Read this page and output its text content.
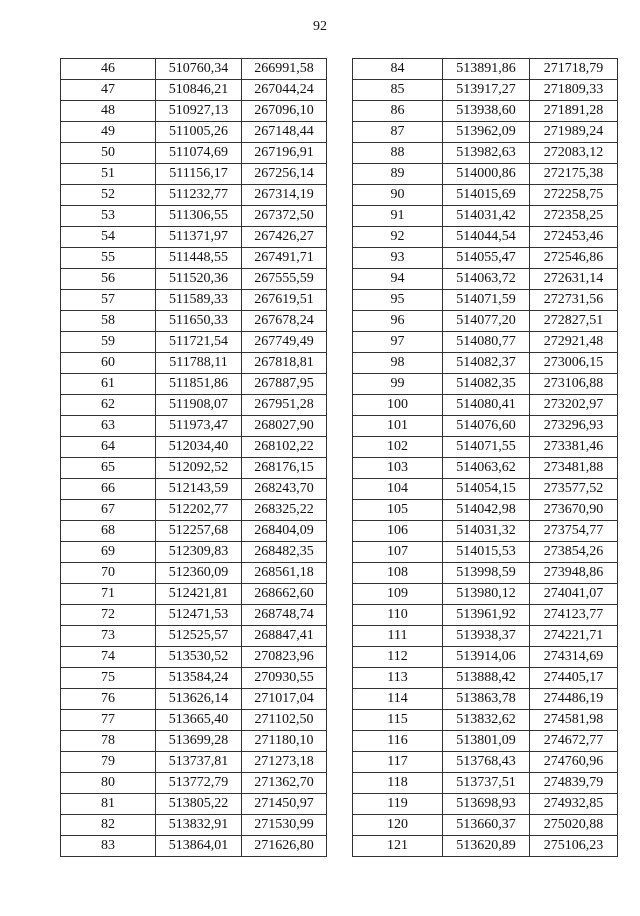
92
46	510760,34	266991,58
47	510846,21	267044,24
48	510927,13	267096,10
49	511005,26	267148,44
50	511074,69	267196,91
51	511156,17	267256,14
52	511232,77	267314,19
53	511306,55	267372,50
54	511371,97	267426,27
55	511448,55	267491,71
56	511520,36	267555,59
57	511589,33	267619,51
58	511650,33	267678,24
59	511721,54	267749,49
60	511788,11	267818,81
61	511851,86	267887,95
62	511908,07	267951,28
63	511973,47	268027,90
64	512034,40	268102,22
65	512092,52	268176,15
66	512143,59	268243,70
67	512202,77	268325,22
68	512257,68	268404,09
69	512309,83	268482,35
70	512360,09	268561,18
71	512421,81	268662,60
72	512471,53	268748,74
73	512525,57	268847,41
74	513530,52	270823,96
75	513584,24	270930,55
76	513626,14	271017,04
77	513665,40	271102,50
78	513699,28	271180,10
79	513737,81	271273,18
80	513772,79	271362,70
81	513805,22	271450,97
82	513832,91	271530,99
83	513864,01	271626,80
84	513891,86	271718,79
85	513917,27	271809,33
86	513938,60	271891,28
87	513962,09	271989,24
88	513982,63	272083,12
89	514000,86	272175,38
90	514015,69	272258,75
91	514031,42	272358,25
92	514044,54	272453,46
93	514055,47	272546,86
94	514063,72	272631,14
95	514071,59	272731,56
96	514077,20	272827,51
97	514080,77	272921,48
98	514082,37	273006,15
99	514082,35	273106,88
100	514080,41	273202,97
101	514076,60	273296,93
102	514071,55	273381,46
103	514063,62	273481,88
104	514054,15	273577,52
105	514042,98	273670,90
106	514031,32	273754,77
107	514015,53	273854,26
108	513998,59	273948,86
109	513980,12	274041,07
110	513961,92	274123,77
111	513938,37	274221,71
112	513914,06	274314,69
113	513888,42	274405,17
114	513863,78	274486,19
115	513832,62	274581,98
116	513801,09	274672,77
117	513768,43	274760,96
118	513737,51	274839,79
119	513698,93	274932,85
120	513660,37	275020,88
121	513620,89	275106,23
